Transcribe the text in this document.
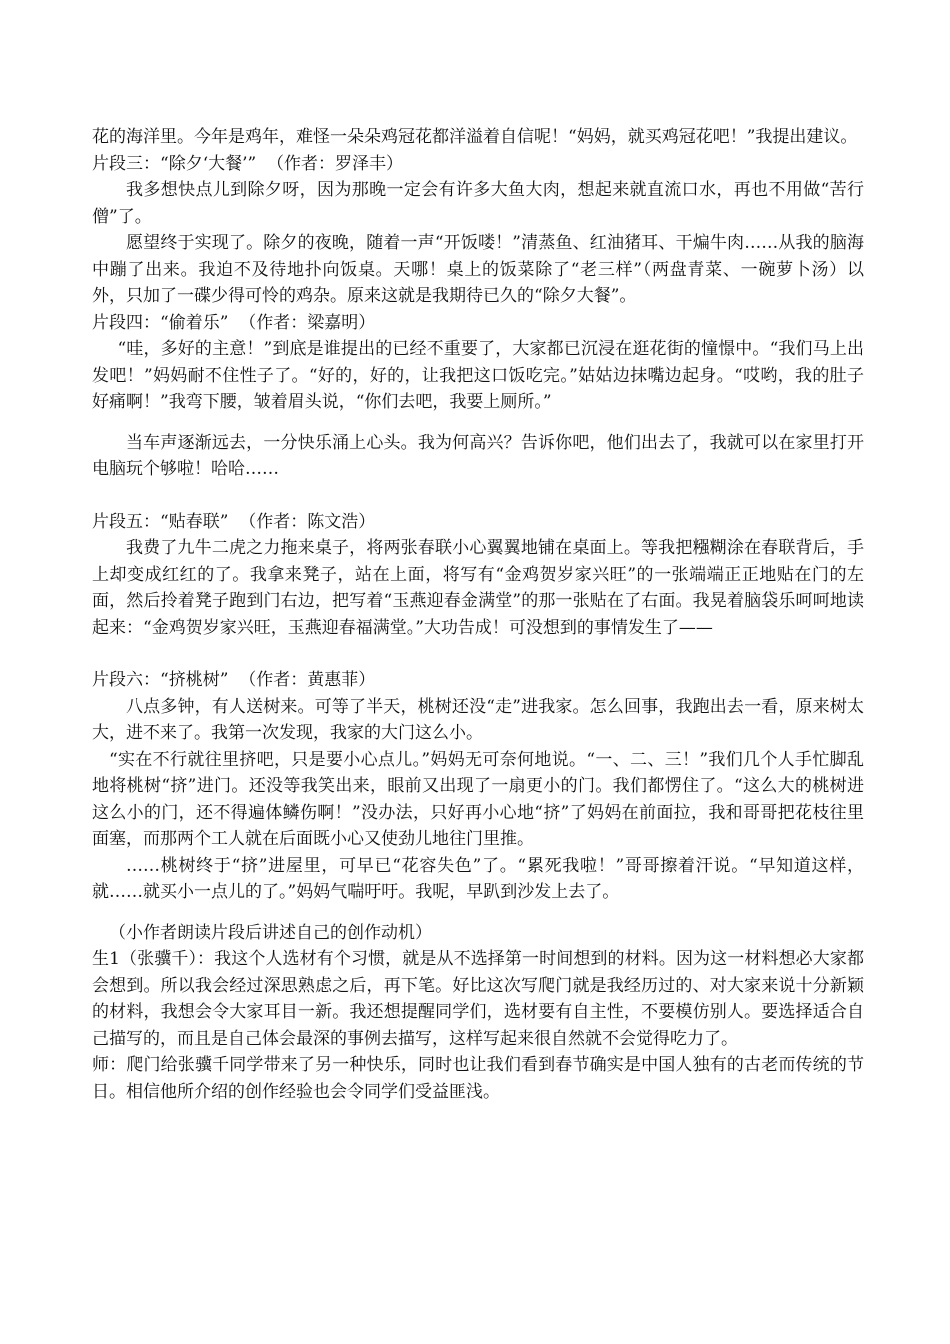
花的海洋里。今年是鸡年，难怪一朵朵鸡冠花都洋溢着自信呢！“妈妈，就买鸡冠花吧！”我提出建议。

片段三：“除夕‘大餐’”  （作者：罗泽丰）

我多想快点儿到除夕呀，因为那晚一定会有许多大鱼大肉，想起来就直流口水，再也不用做“苦行僧”了。

愿望终于实现了。除夕的夜晚，随着一声“开饭喽！”清蒸鱼、红油猪耳、干煸牛肉……从我的脑海中蹦了出来。我迫不及待地扑向饭桌。天哪！桌上的饭菜除了“老三样”（两盘青菜、一碗萝卜汤）以外，只加了一碟少得可怜的鸡杂。原来这就是我期待已久的“除夕大餐”。

片段四：“偷着乐”  （作者：梁嘉明）

“哇，多好的主意！”到底是谁提出的已经不重要了，大家都已沉浸在逛花街的憧憬中。“我们马上出发吧！”妈妈耐不住性子了。“好的，好的，让我把这口饭吃完。”姑姑边抹嘴边起身。“哎哟，我的肚子好痛啊！”我弯下腰，皱着眉头说，“你们去吧，我要上厕所。”

当车声逐渐远去，一分快乐涌上心头。我为何高兴？告诉你吧，他们出去了，我就可以在家里打开电脑玩个够啦！哈哈……

片段五：“贴春联”  （作者：陈文浩）

我费了九牛二虎之力拖来桌子，将两张春联小心翼翼地铺在桌面上。等我把糨糊涂在春联背后，手上却变成红红的了。我拿来凳子，站在上面，将写有“金鸡贺岁家兴旺”的一张端端正正地贴在门的左面，然后拎着凳子跑到门右边，把写着“玉燕迎春金满堂”的那一张贴在了右面。我晃着脑袋乐呵呵地读起来：“金鸡贺岁家兴旺，玉燕迎春福满堂。”大功告成！可没想到的事情发生了——

片段六：“挤桃树”  （作者：黄惠菲）

八点多钟，有人送树来。可等了半天，桃树还没“走”进我家。怎么回事，我跑出去一看，原来树太大，进不来了。我第一次发现，我家的大门这么小。

“实在不行就往里挤吧，只是要小心点儿。”妈妈无可奈何地说。“一、二、三！”我们几个人手忙脚乱地将桃树“挤”进门。还没等我笑出来，眼前又出现了一扇更小的门。我们都愣住了。“这么大的桃树进这么小的门，还不得遍体鳞伤啊！”没办法，只好再小心地“挤”了妈妈在前面拉，我和哥哥把花枝往里面塞，而那两个工人就在后面既小心又使劲儿地往门里推。

……桃树终于“挤”进屋里，可早已“花容失色”了。“累死我啦！”哥哥擦着汗说。“早知道这样，就……就买小一点儿的了。”妈妈气喘吁吁。我呢，早趴到沙发上去了。

（小作者朗读片段后讲述自己的创作动机）

生1（张骥千）：我这个人选材有个习惯，就是从不选择第一时间想到的材料。因为这一材料想必大家都会想到。所以我会经过深思熟虑之后，再下笔。好比这次写爬门就是我经历过的、对大家来说十分新颖的材料，我想会令大家耳目一新。我还想提醒同学们，选材要有自主性，不要模仿别人。要选择适合自己描写的，而且是自己体会最深的事例去描写，这样写起来很自然就不会觉得吃力了。

师：爬门给张骥千同学带来了另一种快乐，同时也让我们看到春节确实是中国人独有的古老而传统的节日。相信他所介绍的创作经验也会令同学们受益匪浅。
